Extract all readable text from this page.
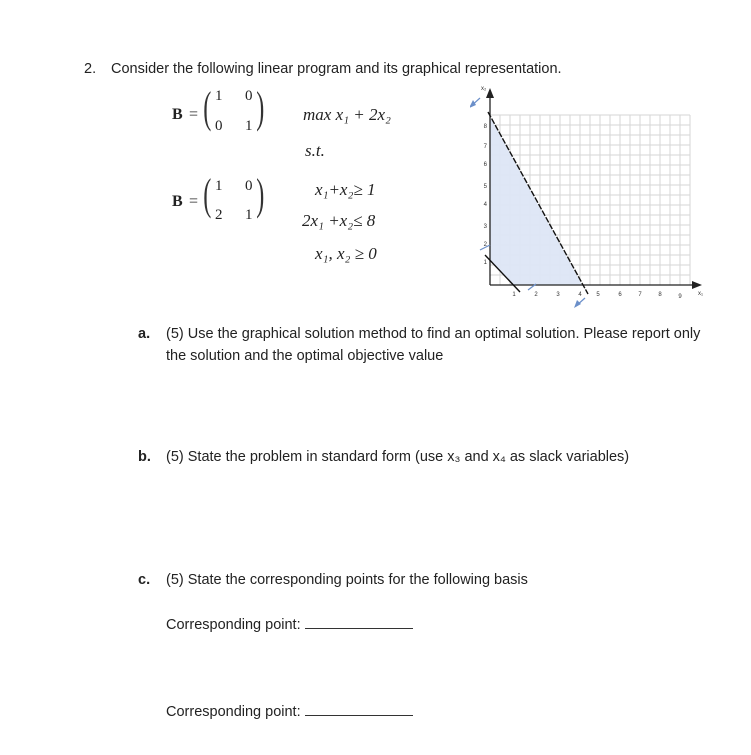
2. Consider the following linear program and its graphical representation.
B = ( )
1 0
0 1
B = ( )
1 0
2 1
max x₁ + 2x₂
s.t.
x₁+x₂≥ 1
2x₁ +x₂≤ 8
x₁, x₂ ≥ 0
x₂
x₁
1	2	3	4 5	6	7	8	9
1
2
3
4
5
6
7
8
a. (5) Use the graphical solution method to find an optimal solution. Please report only
the solution and the optimal objective value
b. (5) State the problem in standard form (use x₃ and x₄ as slack variables)
c. (5) State the corresponding points for the following basis
Corresponding point:
Corresponding point:
